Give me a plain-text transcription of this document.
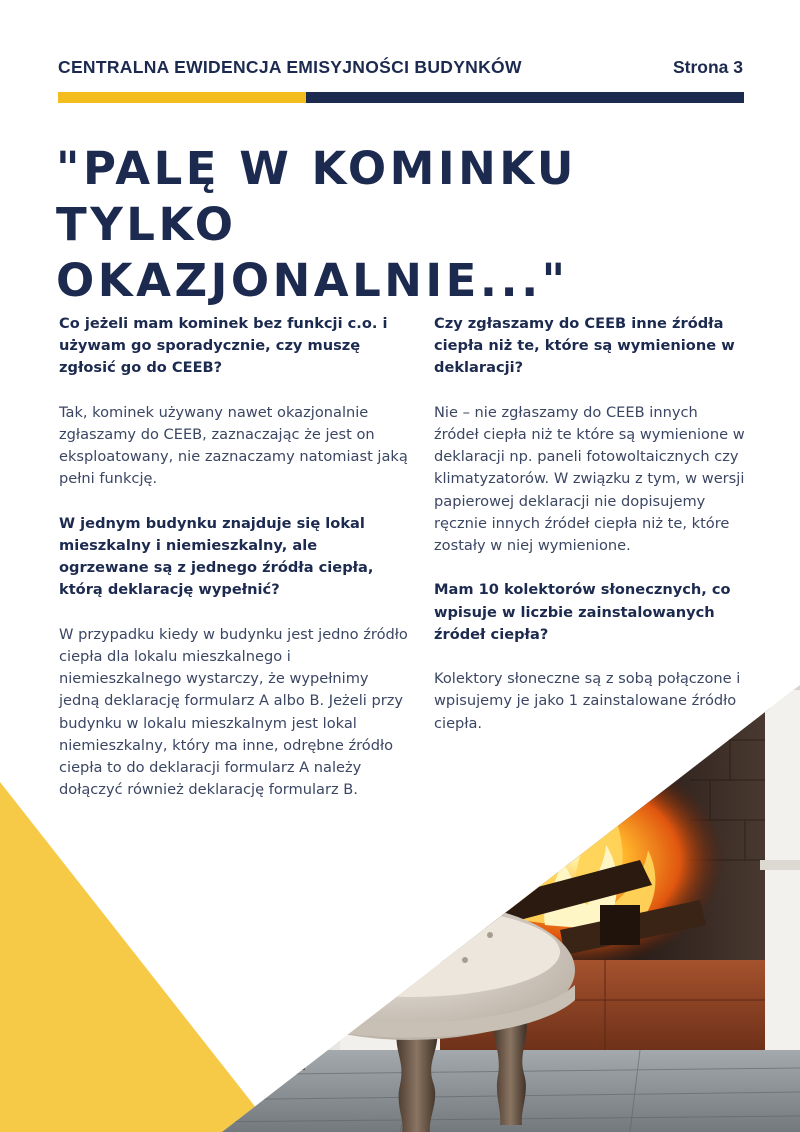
CENTRALNA EWIDENCJA EMISYJNOŚCI BUDYNKÓW	Strona 3
"PALĘ W KOMINKU TYLKO OKAZJONALNIE..."

Co jeżeli mam kominek bez funkcji c.o. i używam go sporadycznie, czy muszę zgłosić go do CEEB?

Tak, kominek używany nawet okazjonalnie zgłaszamy do CEEB, zaznaczając że jest on eksploatowany, nie zaznaczamy natomiast jaką pełni funkcję.

W jednym budynku znajduje się lokal mieszkalny i niemieszkalny, ale ogrzewane są z jednego źródła ciepła, którą deklarację wypełnić?

W przypadku kiedy w budynku jest jedno źródło ciepła dla lokalu mieszkalnego i niemieszkalnego wystarczy, że wypełnimy jedną deklarację formularz A albo B. Jeżeli przy budynku w lokalu mieszkalnym jest lokal niemieszkalny, który ma inne, odrębne źródło ciepła to do deklaracji formularz A należy dołączyć również deklarację formularz B.

Czy zgłaszamy do CEEB inne źródła ciepła niż te, które są wymienione w deklaracji?

Nie – nie zgłaszamy do CEEB innych źródeł ciepła niż te które są wymienione w deklaracji np. paneli fotowoltaicznych czy klimatyzatorów. W związku z tym, w wersji papierowej deklaracji nie dopisujemy ręcznie innych źródeł ciepła niż te, które zostały w niej wymienione.

Mam 10 kolektorów słonecznych, co wpisuje w liczbie zainstalowanych źródeł ciepła?

Kolektory słoneczne są z sobą połączone i wpisujemy je jako 1 zainstalowane źródło ciepła.
